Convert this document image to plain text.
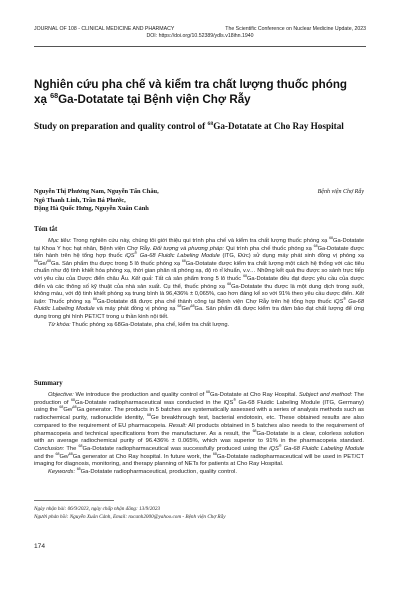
JOURNAL OF 108 - CLINICAL MEDICINE AND PHARMACY	The Scientific Conference on Nuclear Medicine Update, 2023
DOI: https://doi.org/10.52389/ydls.v18ihn.1940
Nghiên cứu pha chế và kiểm tra chất lượng thuốc phóng xạ $^{68}$Ga-Dotatate tại Bệnh viện Chợ Rẫy
Study on preparation and quality control of $^{68}$Ga-Dotatate at Cho Ray Hospital
Nguyễn Thị Phương Nam, Nguyễn Tấn Châu,
Ngô Thanh Linh, Trần Bá Phước,
Đặng Hà Quốc Hưng, Nguyễn Xuân Cảnh
Bệnh viện Chợ Rẫy
Tóm tắt

Mục tiêu: Trong nghiên cứu này, chúng tôi giới thiệu qui trình pha chế và kiểm tra chất lượng thuốc phóng xạ $^{68}$Ga-Dotatate tại Khoa Y học hạt nhân, Bệnh viện Chợ Rẫy. Đối tượng và phương pháp: Qui trình pha chế thuốc phóng xạ $^{68}$Ga-Dotatate được tiến hành trên hệ tổng hợp thuốc iQS® Ga-68 Fluidic Labeling Module (ITG, Đức) sử dụng máy phát sinh đồng vị phóng xạ $^{68}$Ge/$^{68}$Ga. Sản phẩm thu được trong 5 lô thuốc phóng xạ $^{68}$Ga-Dotatate được kiểm tra chất lượng một cách hệ thống với các tiêu chuẩn như độ tinh khiết hóa phóng xạ, thời gian phân rã phóng xạ, độ rò rỉ khuẩn, v.v… Những kết quả thu được so sánh trực tiếp với yêu cầu của Dược điển châu Âu. Kết quả: Tất cả sản phẩm trong 5 lô thuốc $^{68}$Ga-Dotatate đều đạt được yêu cầu của dược điển và các thông số kỹ thuật của nhà sản xuất. Cụ thể, thuốc phóng xạ $^{68}$Ga-Dotatate thu được là một dung dịch trong suốt, không màu, với độ tinh khiết phóng xạ trung bình là 96,436% ± 0,065%, cao hơn đáng kể so với 91% theo yêu cầu dược điển. Kết luận: Thuốc phóng xạ $^{68}$Ga-Dotatate đã được pha chế thành công tại Bệnh viện Chợ Rẫy trên hệ tổng hợp thuốc iQS® Ga-68 Fluidic Labeling Module và máy phát đồng vị phóng xạ $^{68}$Ge/$^{68}$Ga. Sản phẩm đã được kiểm tra đảm bảo đạt chất lượng để ứng dụng trong ghi hình PET/CT trong u thần kinh nội tiết.

Từ khóa: Thuốc phóng xạ 68Ga-Dotatate, pha chế, kiểm tra chất lượng.

Summary

Objective: We introduce the production and quality control of $^{68}$Ga-Dotatate at Cho Ray Hospital. Subject and method: The production of $^{68}$Ga-Dotatate radiopharmaceutical was conducted in the iQS® Ga-68 Fluidic Labeling Module (ITG, Germany) using the $^{68}$Ge/$^{68}$Ga generator. The products in 5 batches are systematically assessed with a series of analysis methods such as radiochemical purity, radionuclide identity, $^{68}$Ge breakthrough test, bacterial endotoxin, etc. These obtained results are also compared to the requirement of EU pharmacopeia. Result: All products obtained in 5 batches also needs to the requirement of pharmacopeia and technical specifications from the manufacturer. As a result, the $^{68}$Ga-Dotatate is a clear, colorless solution with an average radiochemical purity of 96.436% ± 0.065%, which was superior to 91% in the pharmacopeia standard. Conclusion: The $^{68}$Ga-Dotatate radiopharmaceutical was successfully produced using the iQS® Ga-68 Fluidic Labeling Module and the $^{68}$Ge/$^{68}$Ga generator at Cho Ray hospital. In future work, the $^{68}$Ga-Dotatate radiopharmaceutical will be used in PET/CT imaging for diagnosis, monitoring, and therapy planning of NETs for patients at Cho Ray Hospital.

Keywords: $^{68}$Ga-Dotatate radiopharmaceutical, production, quality control.

Ngày nhận bài: 06/9/2023, ngày chấp nhận đăng: 13/9/2023
Người phản hồi: Nguyễn Xuân Cảnh, Email: nxcanh2000@yahoo.com - Bệnh viện Chợ Rẫy
174
